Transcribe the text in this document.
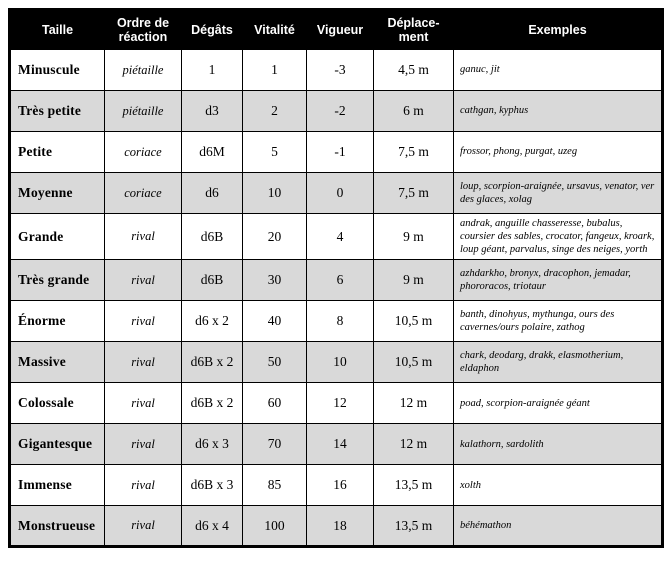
Taille	Ordre de réaction	Dégâts	Vitalité	Vigueur	Déplace-ment	Exemples
Minuscule	piétaille	1	1	-3	4,5 m	ganuc, jit
Très petite	piétaille	d3	2	-2	6 m	cathgan, kyphus
Petite	coriace	d6M	5	-1	7,5 m	frossor, phong, purgat, uzeg
Moyenne	coriace	d6	10	0	7,5 m	loup, scorpion-araignée, ursavus, venator, ver des glaces, xolag
Grande	rival	d6B	20	4	9 m	andrak, anguille chasseresse, bubalus, coursier des sables, crocator, fangeux, kroark, loup géant, parvalus, singe des neiges, yorth
Très grande	rival	d6B	30	6	9 m	azhdarkho, bronyx, dracophon, jemadar, phororacos, triotaur
Énorme	rival	d6 x 2	40	8	10,5 m	banth, dinohyus, mythunga, ours des cavernes/ours polaire, zathog
Massive	rival	d6B x 2	50	10	10,5 m	chark, deodarg, drakk, elasmotherium, eldaphon
Colossale	rival	d6B x 2	60	12	12 m	poad, scorpion-araignée géant
Gigantesque	rival	d6 x 3	70	14	12 m	kalathorn, sardolith
Immense	rival	d6B x 3	85	16	13,5 m	xolth
Monstrueuse	rival	d6 x 4	100	18	13,5 m	béhémathon
